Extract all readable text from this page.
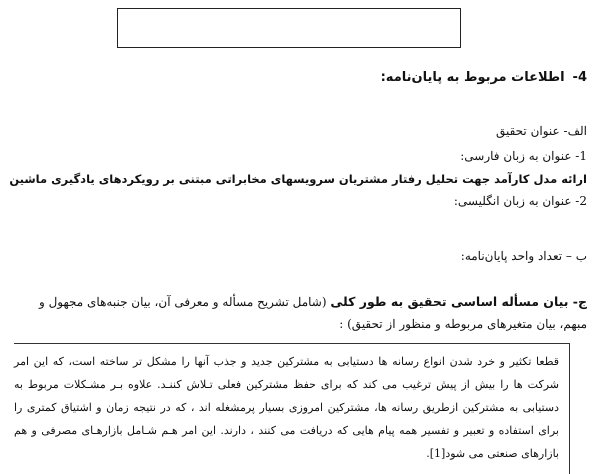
4-اطلاعات مربوط به پایان‌نامه:
الف- عنوان تحقیق
1- عنوان به زبان فارسی:
ارائه مدل کارآمد جهت تحلیل رفتار مشتریان سرویسهای مخابراتی مبتنی بر رویکردهای یادگیری ماشین
2- عنوان به زبان انگلیسی:
ب – تعداد واحد پایان‌نامه:
ج- بیان مسأله اساسی تحقیق به طور کلی (شامل تشریح مسأله و معرفی آن، بیان جنبه‌های مجهول و مبهم، بیان متغیرهای مربوطه و منظور از تحقیق) :
قطعا تکثیر و خرد شدن انواع رسانه ها دستیابی به مشترکین جدید و جذب آنها را مشکل تر ساخته است، که این امر شرکت ها را بیش از پیش ترغیب می کند که برای حفظ مشترکین فعلی تـلاش کننـد. علاوه بـر مشـکلات مربوط به دستیابی به مشترکین ازطریق رسانه ها، مشترکین امروزی بسیار پرمشغله اند ، که در نتیجه زمان و اشتیاق کمتری را برای استفاده و تعبیر و تفسیر همه پیام هایی که دریافت می کنند ، دارند. این امر هـم شـامل بازارهـای مصرفی و هم بازارهای صنعتی می شود[1].
